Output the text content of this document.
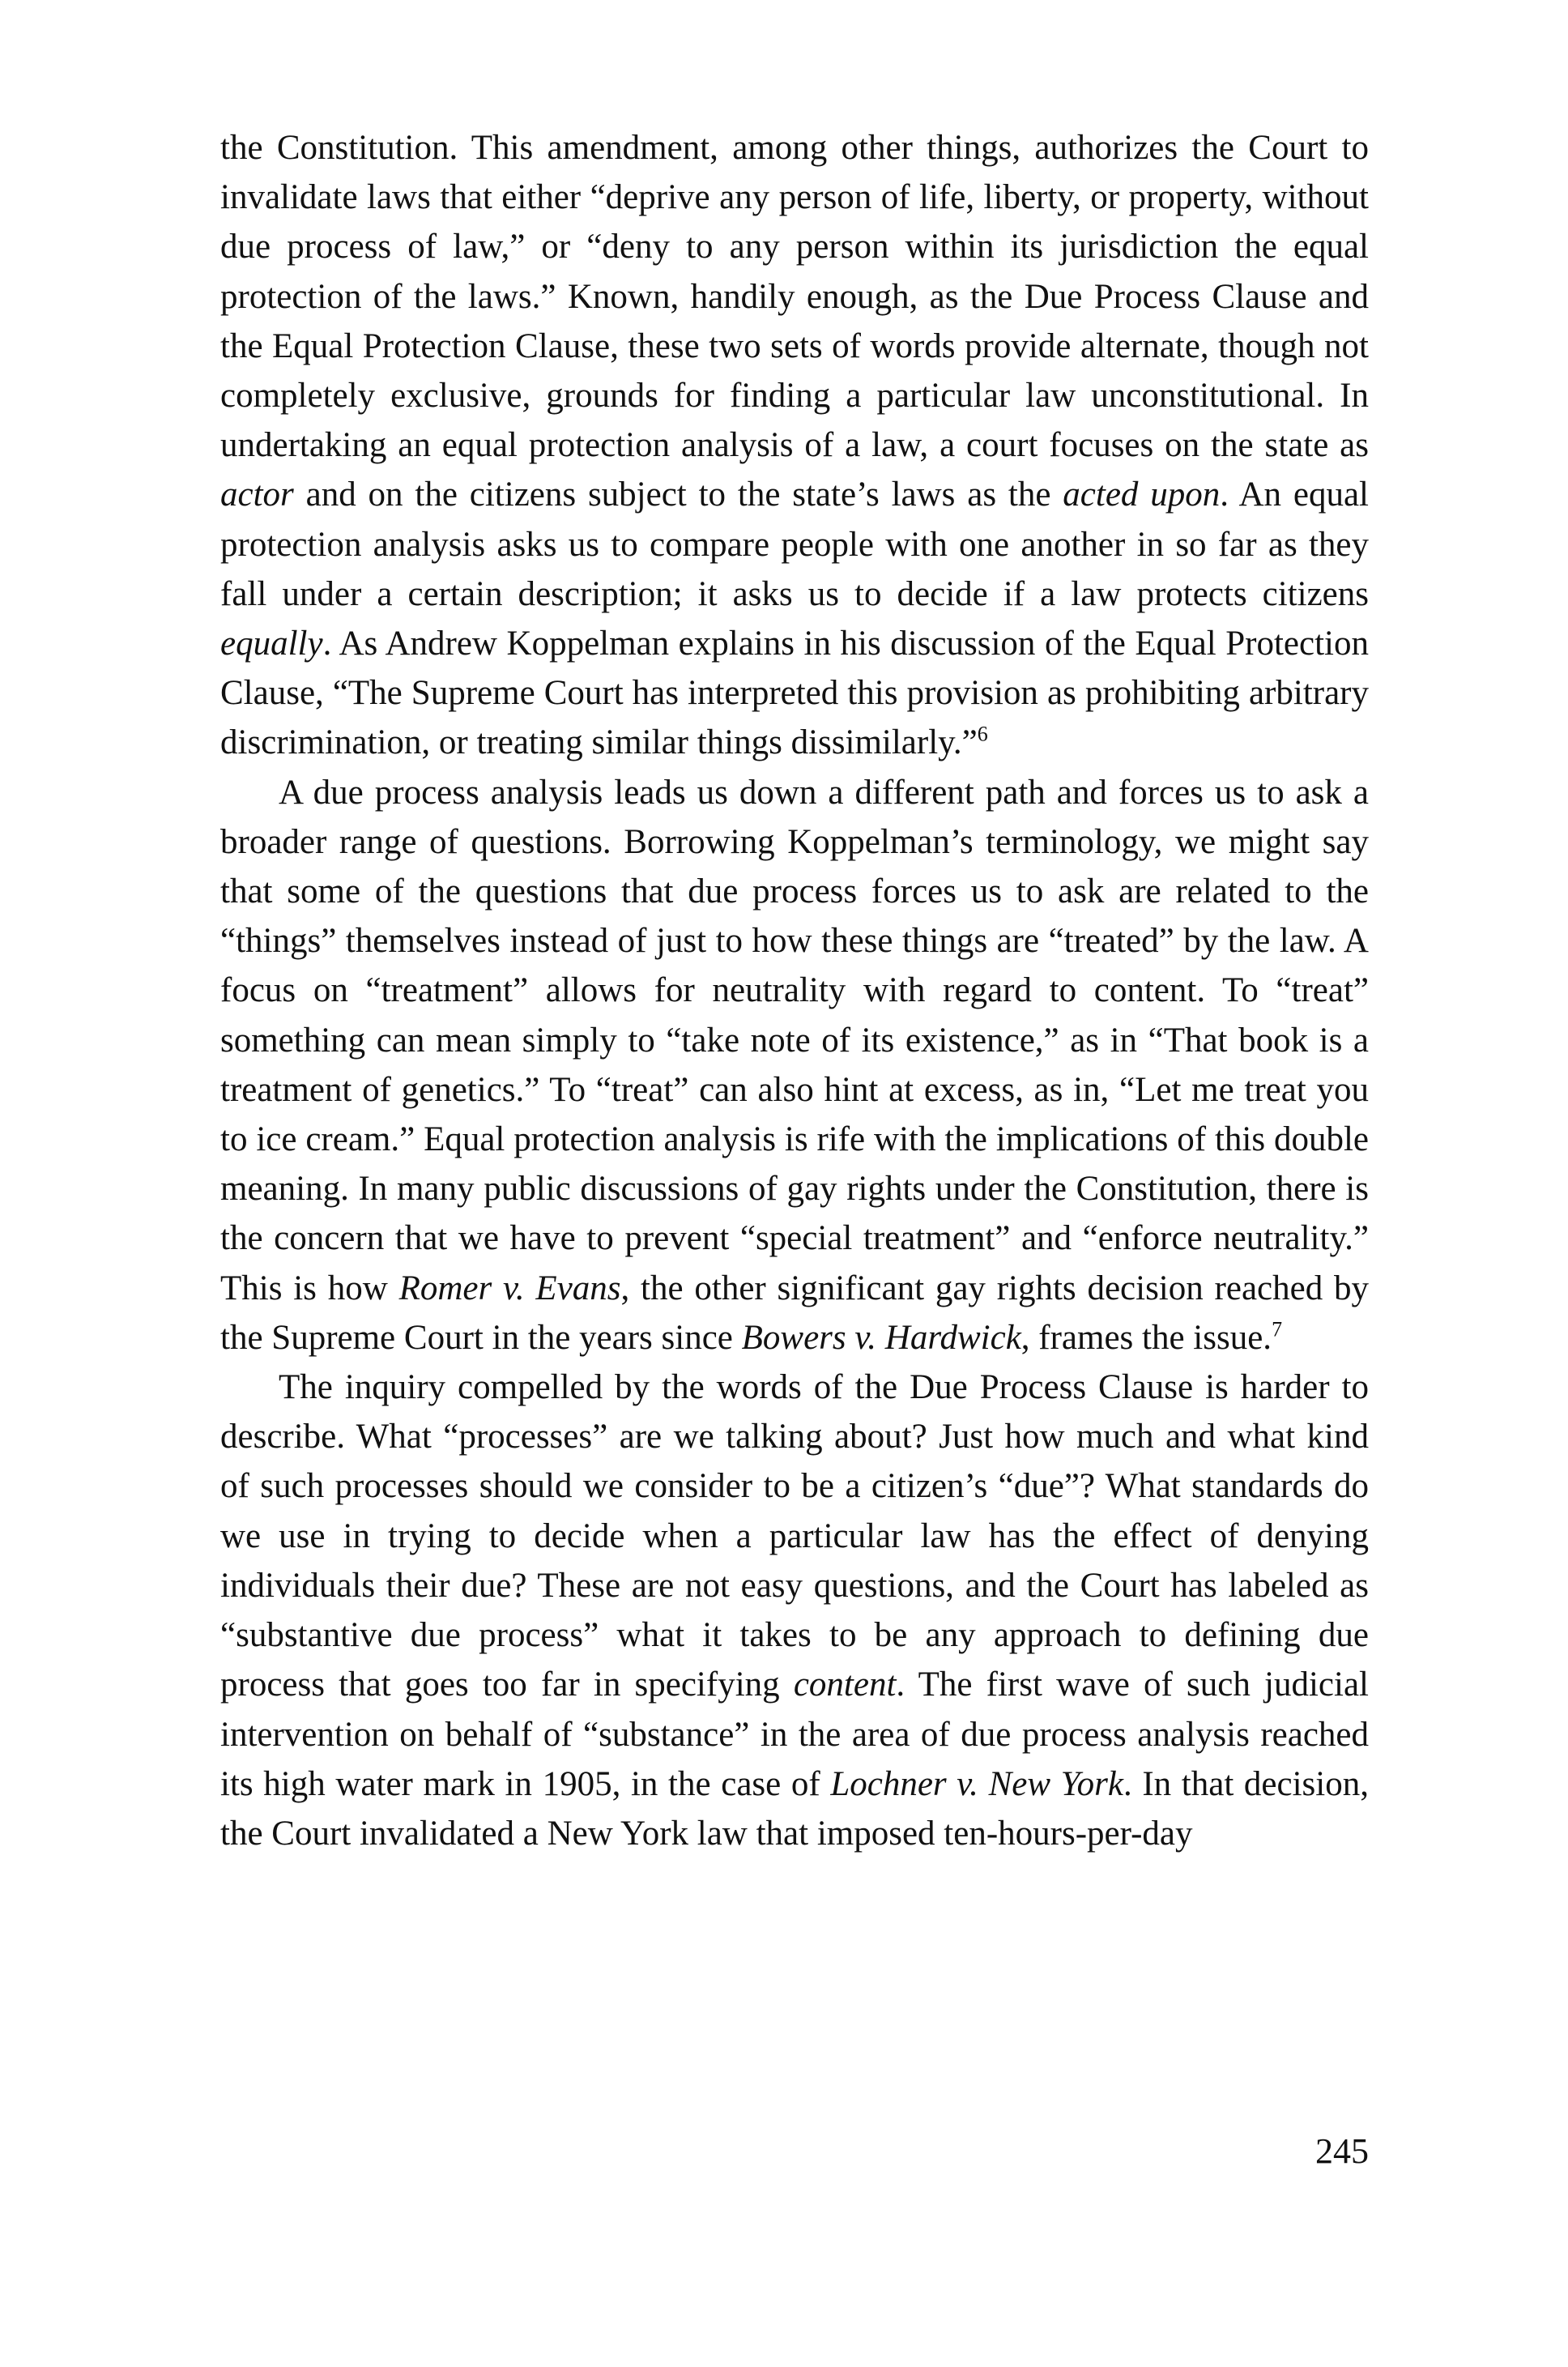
the Constitution. This amendment, among other things, authorizes the Court to invalidate laws that either “deprive any person of life, liberty, or property, without due process of law,” or “deny to any person within its jurisdiction the equal protection of the laws.” Known, handily enough, as the Due Process Clause and the Equal Protection Clause, these two sets of words provide alternate, though not completely exclusive, grounds for finding a particular law unconstitutional. In undertaking an equal protection analysis of a law, a court focuses on the state as actor and on the citizens subject to the state’s laws as the acted upon. An equal protection analysis asks us to compare people with one another in so far as they fall under a certain description; it asks us to decide if a law protects citizens equally. As Andrew Koppelman explains in his discussion of the Equal Protection Clause, “The Supreme Court has interpreted this provision as prohibiting arbitrary discrimination, or treating similar things dissimilarly.”$^6$

A due process analysis leads us down a different path and forces us to ask a broader range of questions. Borrowing Koppelman’s terminology, we might say that some of the questions that due process forces us to ask are related to the “things” themselves instead of just to how these things are “treated” by the law. A focus on “treatment” allows for neutrality with regard to content. To “treat” something can mean simply to “take note of its existence,” as in “That book is a treatment of genetics.” To “treat” can also hint at excess, as in, “Let me treat you to ice cream.” Equal protection analysis is rife with the implications of this double meaning. In many public discussions of gay rights under the Constitution, there is the concern that we have to prevent “special treatment” and “enforce neutrality.” This is how Romer v. Evans, the other significant gay rights decision reached by the Supreme Court in the years since Bowers v. Hardwick, frames the issue.$^7$

The inquiry compelled by the words of the Due Process Clause is harder to describe. What “processes” are we talking about? Just how much and what kind of such processes should we consider to be a citizen’s “due”? What standards do we use in trying to decide when a particular law has the effect of denying individuals their due? These are not easy questions, and the Court has labeled as “substantive due process” what it takes to be any approach to defining due process that goes too far in specifying content. The first wave of such judicial intervention on behalf of “substance” in the area of due process analysis reached its high water mark in 1905, in the case of Lochner v. New York. In that decision, the Court invalidated a New York law that imposed ten-hours-per-day

245
